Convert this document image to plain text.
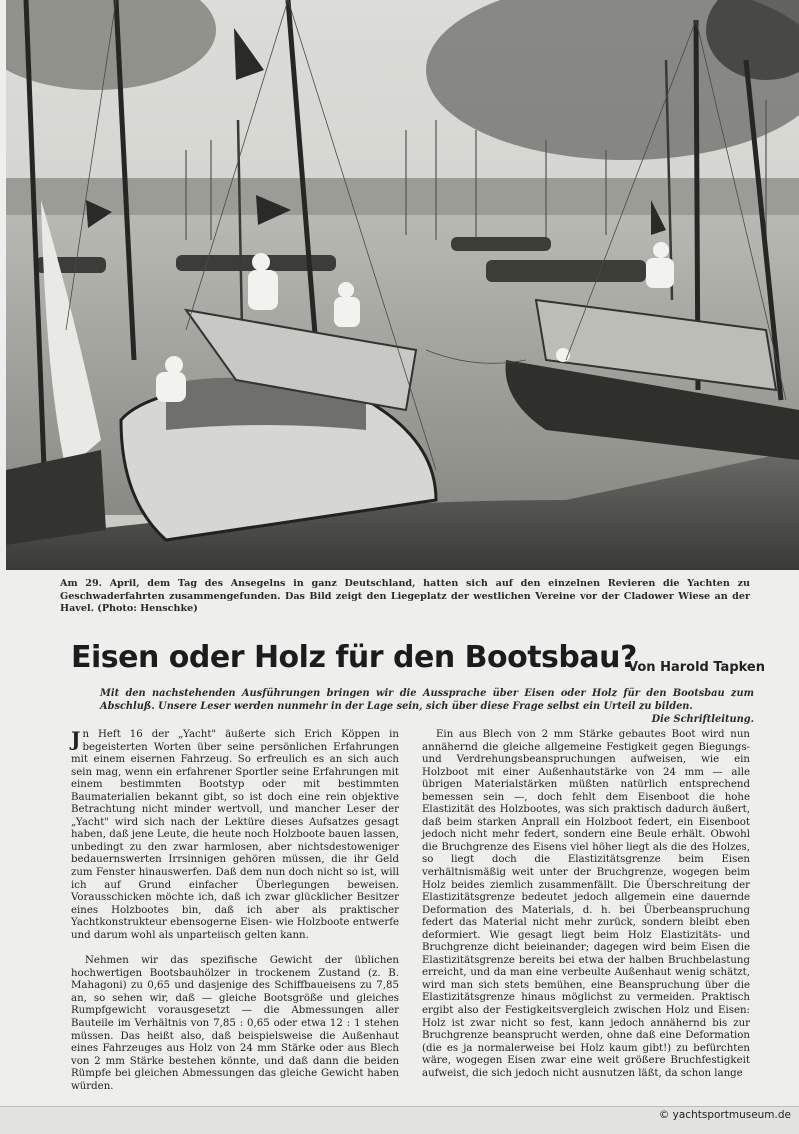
Am 29. April, dem Tag des Ansegelns in ganz Deutschland, hatten sich auf den einzelnen Revieren die Yachten zu Geschwaderfahrten zusammengefunden. Das Bild zeigt den Liegeplatz der westlichen Vereine vor der Cladower Wiese an der Havel. (Photo: Henschke)
Eisen oder Holz für den Bootsbau?
Von Harold Tapken
Mit den nachstehenden Ausführungen bringen wir die Aussprache über Eisen oder Holz für den Bootsbau zum Abschluß. Unsere Leser werden nunmehr in der Lage sein, sich über diese Frage selbst ein Urteil zu bilden.
Die Schriftleitung.

Jn Heft 16 der „Yacht" äußerte sich Erich Köppen in begeisterten Worten über seine persönlichen Erfahrungen mit einem eisernen Fahrzeug. So erfreulich es an sich auch sein mag, wenn ein erfahrener Sportler seine Erfahrungen mit einem bestimmten Bootstyp oder mit bestimmten Baumaterialien bekannt gibt, so ist doch eine rein objektive Betrachtung nicht minder wertvoll, und mancher Leser der „Yacht" wird sich nach der Lektüre dieses Aufsatzes gesagt haben, daß jene Leute, die heute noch Holzboote bauen lassen, unbedingt zu den zwar harmlosen, aber nichtsdestoweniger bedauernswerten Irrsinnigen gehören müssen, die ihr Geld zum Fenster hinauswerfen. Daß dem nun doch nicht so ist, will ich auf Grund einfacher Überlegungen beweisen. Vorausschicken möchte ich, daß ich zwar glücklicher Besitzer eines Holzbootes bin, daß ich aber als praktischer Yachtkonstrukteur ebensogerne Eisen- wie Holzboote entwerfe und darum wohl als unparteiisch gelten kann.

Nehmen wir das spezifische Gewicht der üblichen hochwertigen Bootsbauhölzer in trockenem Zustand (z. B. Mahagoni) zu 0,65 und dasjenige des Schiffbaueisens zu 7,85 an, so sehen wir, daß — gleiche Bootsgröße und gleiches Rumpfgewicht vorausgesetzt — die Abmessungen aller Bauteile im Verhältnis von 7,85 : 0,65 oder etwa 12 : 1 stehen müssen. Das heißt also, daß beispielsweise die Außenhaut eines Fahrzeuges aus Holz von 24 mm Stärke oder aus Blech von 2 mm Stärke bestehen könnte, und daß dann die beiden Rümpfe bei gleichen Abmessungen das gleiche Gewicht haben würden.

Ein aus Blech von 2 mm Stärke gebautes Boot wird nun annähernd die gleiche allgemeine Festigkeit gegen Biegungs- und Verdrehungsbeanspruchungen aufweisen, wie ein Holzboot mit einer Außenhautstärke von 24 mm — alle übrigen Materialstärken müßten natürlich entsprechend bemessen sein —, doch fehlt dem Eisenboot die hohe Elastizität des Holzbootes, was sich praktisch dadurch äußert, daß beim starken Anprall ein Holzboot federt, ein Eisenboot jedoch nicht mehr federt, sondern eine Beule erhält. Obwohl die Bruchgrenze des Eisens viel höher liegt als die des Holzes, so liegt doch die Elastizitätsgrenze beim Eisen verhältnismäßig weit unter der Bruchgrenze, wogegen beim Holz beides ziemlich zusammenfällt. Die Überschreitung der Elastizitätsgrenze bedeutet jedoch allgemein eine dauernde Deformation des Materials, d. h. bei Überbeanspruchung federt das Material nicht mehr zurück, sondern bleibt eben deformiert. Wie gesagt liegt beim Holz Elastizitäts- und Bruchgrenze dicht beieinander; dagegen wird beim Eisen die Elastizitätsgrenze bereits bei etwa der halben Bruchbelastung erreicht, und da man eine verbeulte Außenhaut wenig schätzt, wird man sich stets bemühen, eine Beanspruchung über die Elastizitätsgrenze hinaus möglichst zu vermeiden. Praktisch ergibt also der Festigkeitsvergleich zwischen Holz und Eisen: Holz ist zwar nicht so fest, kann jedoch annähernd bis zur Bruchgrenze beansprucht werden, ohne daß eine Deformation (die es ja normalerweise bei Holz kaum gibt!) zu befürchten wäre, wogegen Eisen zwar eine weit größere Bruchfestigkeit aufweist, die sich jedoch nicht ausnutzen läßt, da schon lange

© yachtsportmuseum.de
